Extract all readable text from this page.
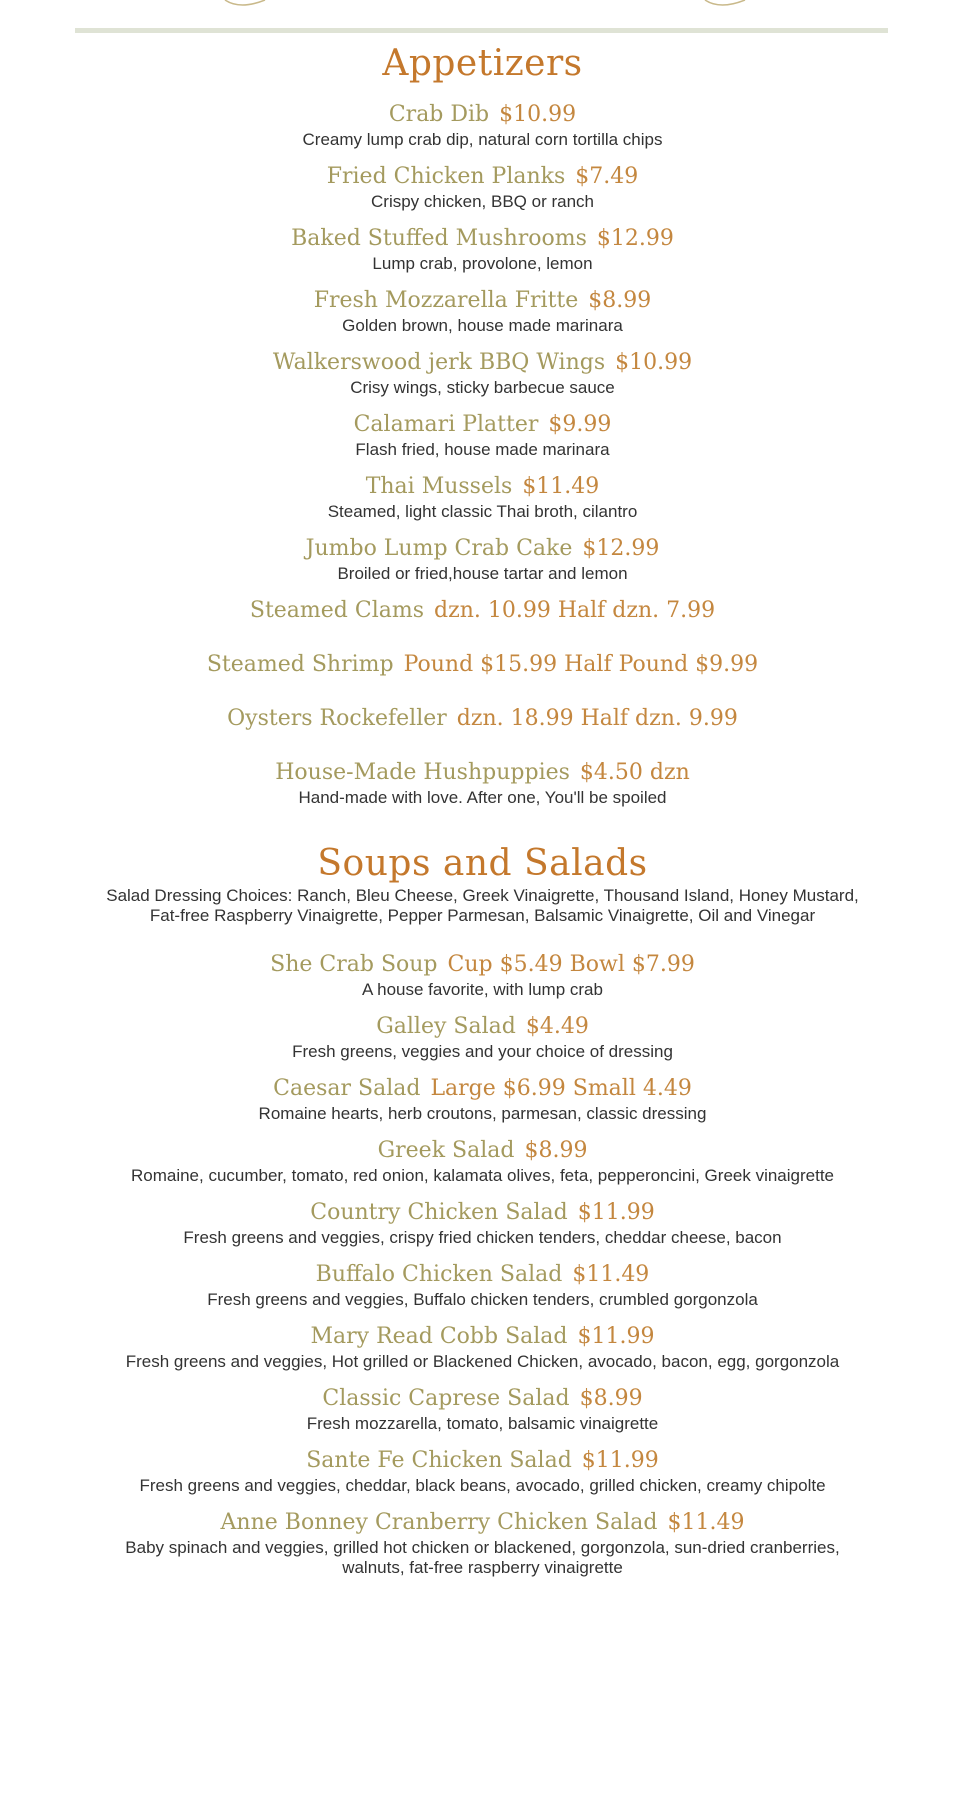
Appetizers
Crab Dib $10.99
Creamy lump crab dip, natural corn tortilla chips
Fried Chicken Planks $7.49
Crispy chicken, BBQ or ranch
Baked Stuffed Mushrooms $12.99
Lump crab, provolone, lemon
Fresh Mozzarella Fritte $8.99
Golden brown, house made marinara
Walkerswood jerk BBQ Wings $10.99
Crisy wings, sticky barbecue sauce
Calamari Platter $9.99
Flash fried, house made marinara
Thai Mussels $11.49
Steamed, light classic Thai broth, cilantro
Jumbo Lump Crab Cake $12.99
Broiled or fried,house tartar and lemon
Steamed Clams dzn. 10.99 Half dzn. 7.99
Steamed Shrimp Pound $15.99 Half Pound $9.99
Oysters Rockefeller dzn. 18.99 Half dzn. 9.99
House-Made Hushpuppies $4.50 dzn
Hand-made with love. After one, You'll be spoiled
Soups and Salads
Salad Dressing Choices: Ranch, Bleu Cheese, Greek Vinaigrette, Thousand Island, Honey Mustard, Fat-free Raspberry Vinaigrette, Pepper Parmesan, Balsamic Vinaigrette, Oil and Vinegar
She Crab Soup Cup $5.49 Bowl $7.99
A house favorite, with lump crab
Galley Salad $4.49
Fresh greens, veggies and your choice of dressing
Caesar Salad Large $6.99 Small 4.49
Romaine hearts, herb croutons, parmesan, classic dressing
Greek Salad $8.99
Romaine, cucumber, tomato, red onion, kalamata olives, feta, pepperoncini, Greek vinaigrette
Country Chicken Salad $11.99
Fresh greens and veggies, crispy fried chicken tenders, cheddar cheese, bacon
Buffalo Chicken Salad $11.49
Fresh greens and veggies, Buffalo chicken tenders, crumbled gorgonzola
Mary Read Cobb Salad $11.99
Fresh greens and veggies, Hot grilled or Blackened Chicken, avocado, bacon, egg, gorgonzola
Classic Caprese Salad $8.99
Fresh mozzarella, tomato, balsamic vinaigrette
Sante Fe Chicken Salad $11.99
Fresh greens and veggies, cheddar, black beans, avocado, grilled chicken, creamy chipolte
Anne Bonney Cranberry Chicken Salad $11.49
Baby spinach and veggies, grilled hot chicken or blackened, gorgonzola, sun-dried cranberries, walnuts, fat-free raspberry vinaigrette
